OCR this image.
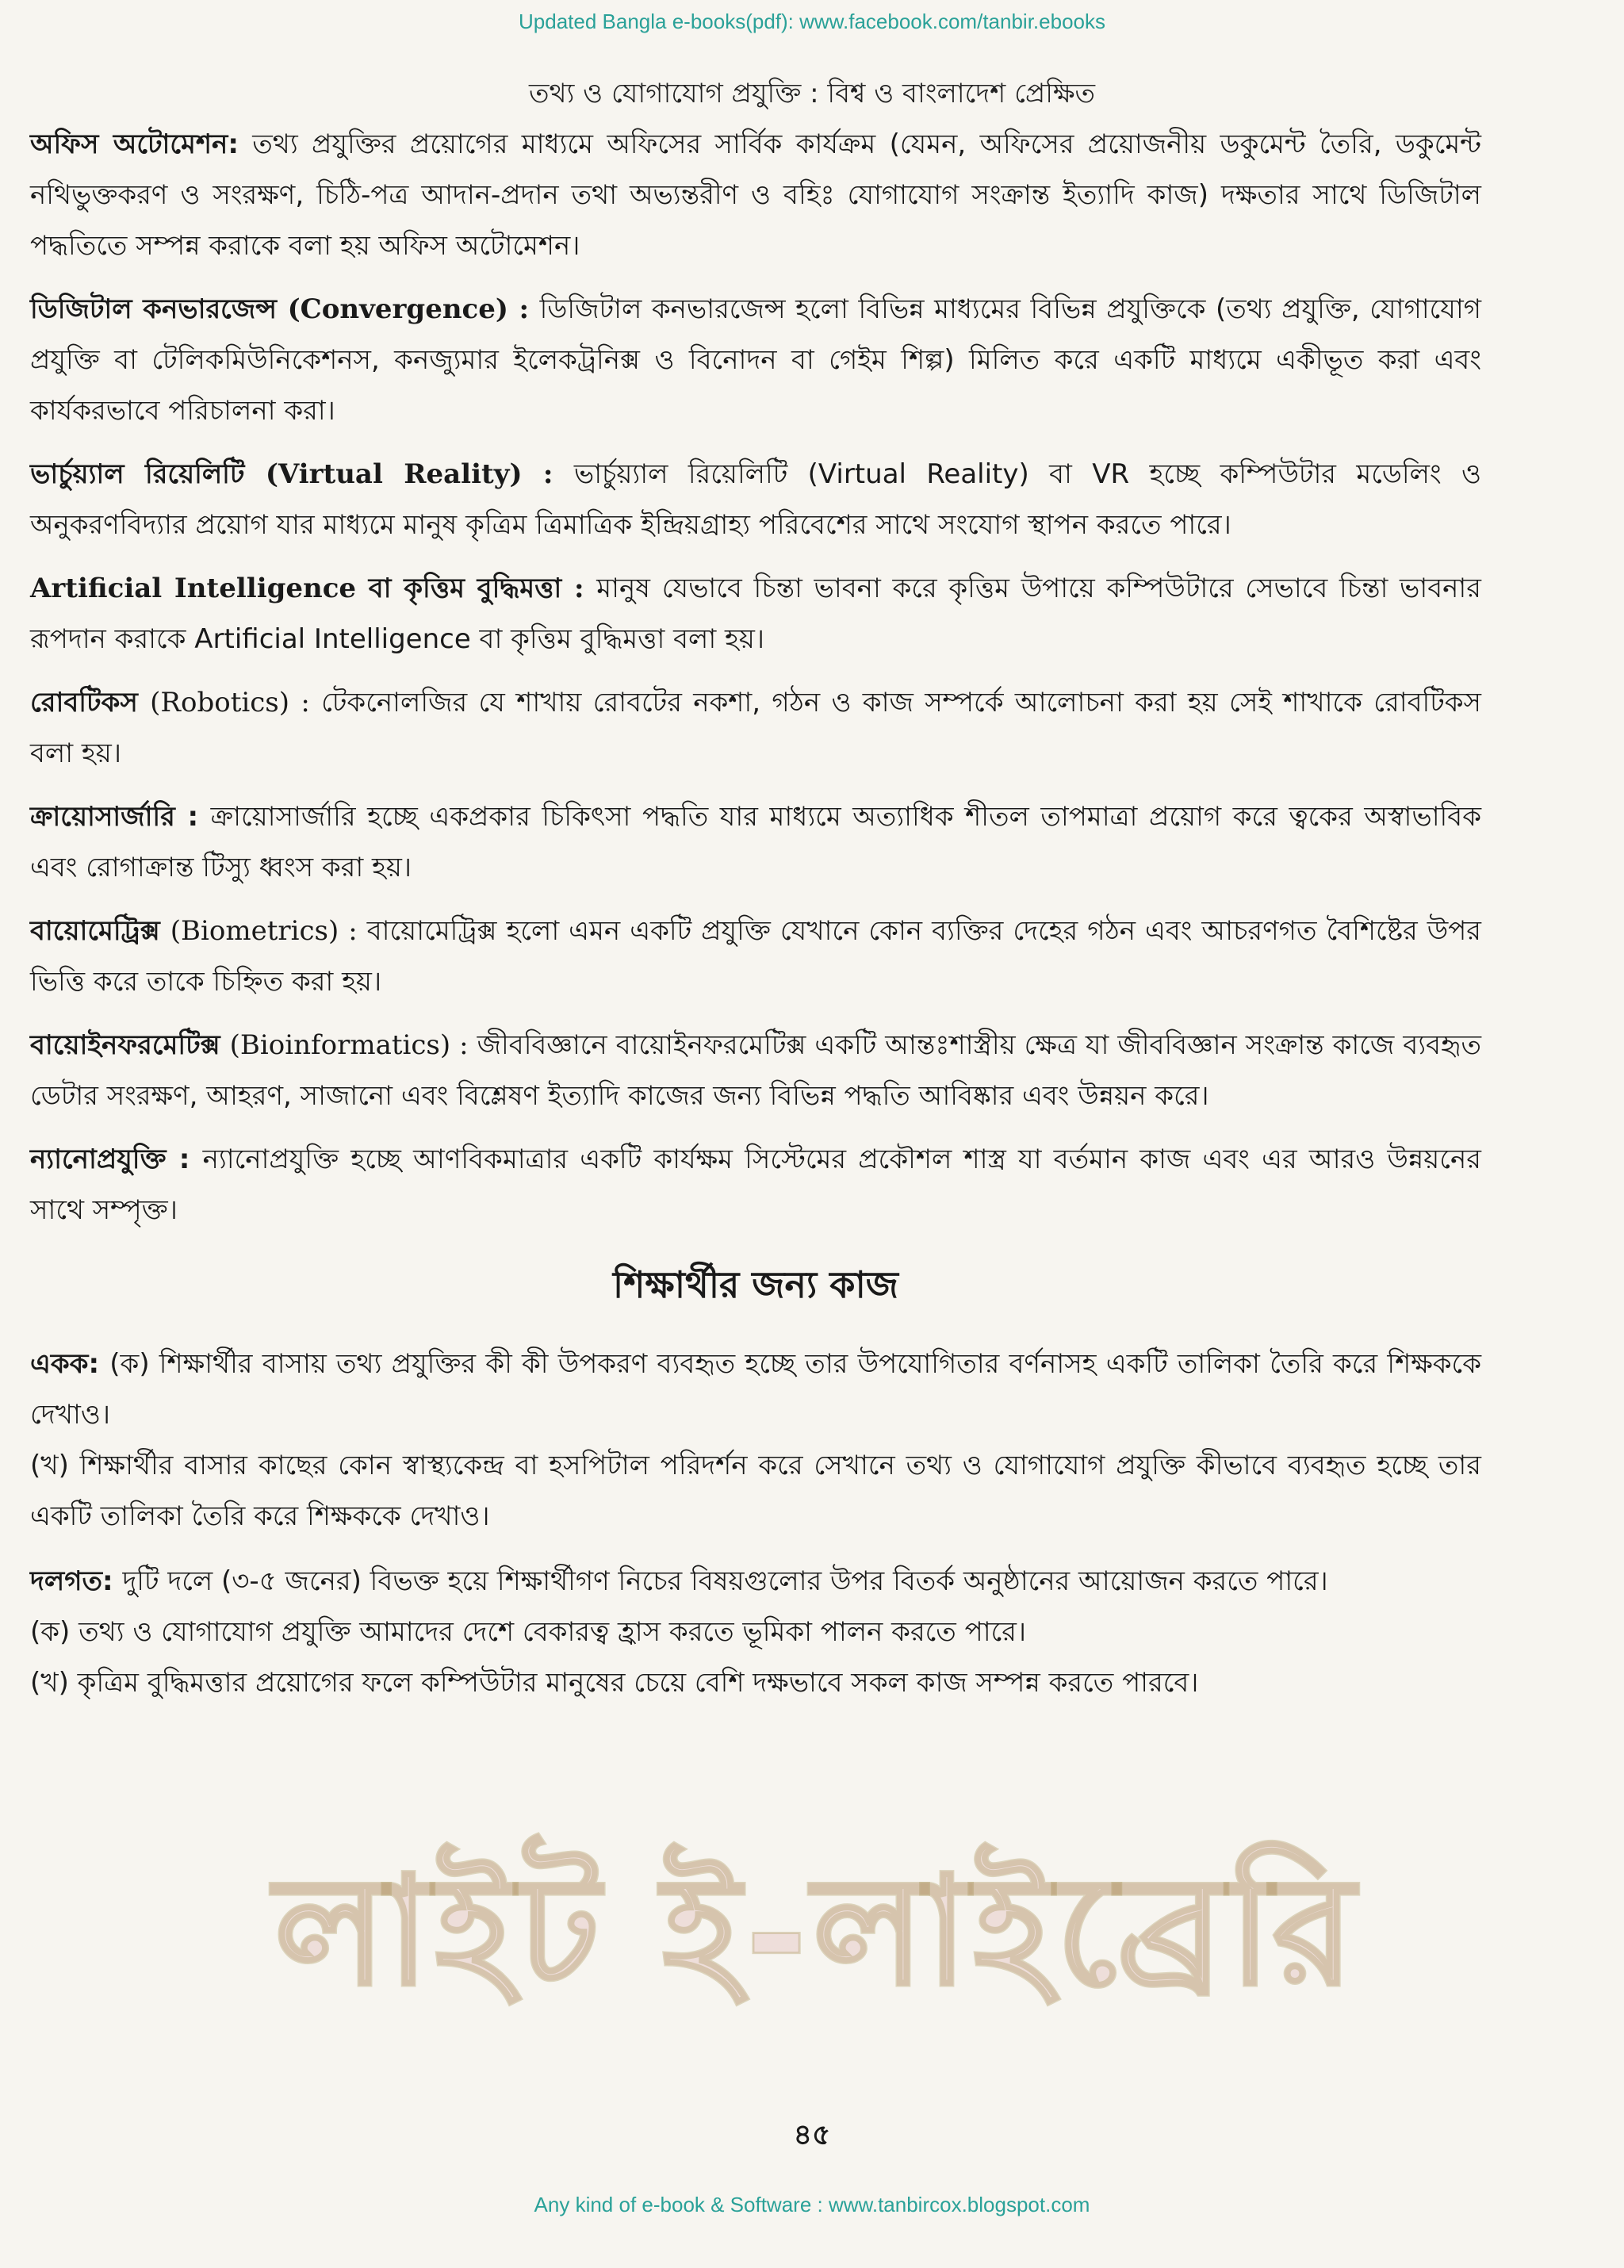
Updated Bangla e-books(pdf): www.facebook.com/tanbir.ebooks
তথ্য ও যোগাযোগ প্রযুক্তি : বিশ্ব ও বাংলাদেশ প্রেক্ষিত

অফিস অটোমেশন: তথ্য প্রযুক্তির প্রয়োগের মাধ্যমে অফিসের সার্বিক কার্যক্রম (যেমন, অফিসের প্রয়োজনীয় ডকুমেন্ট তৈরি, ডকুমেন্ট নথিভুক্তকরণ ও সংরক্ষণ, চিঠি-পত্র আদান-প্রদান তথা অভ্যন্তরীণ ও বহিঃ যোগাযোগ সংক্রান্ত ইত্যাদি কাজ) দক্ষতার সাথে ডিজিটাল পদ্ধতিতে সম্পন্ন করাকে বলা হয় অফিস অটোমেশন।

ডিজিটাল কনভারজেন্স (Convergence) : ডিজিটাল কনভারজেন্স হলো বিভিন্ন মাধ্যমের বিভিন্ন প্রযুক্তিকে (তথ্য প্রযুক্তি, যোগাযোগ প্রযুক্তি বা টেলিকমিউনিকেশনস, কনজ্যুমার ইলেকট্রনিক্স ও বিনোদন বা গেইম শিল্প) মিলিত করে একটি মাধ্যমে একীভূত করা এবং কার্যকরভাবে পরিচালনা করা।

ভার্চুয়্যাল রিয়েলিটি (Virtual Reality) : ভার্চুয়্যাল রিয়েলিটি (Virtual Reality) বা VR হচ্ছে কম্পিউটার মডেলিং ও অনুকরণবিদ্যার প্রয়োগ যার মাধ্যমে মানুষ কৃত্রিম ত্রিমাত্রিক ইন্দ্রিয়গ্রাহ্য পরিবেশের সাথে সংযোগ স্থাপন করতে পারে।

Artificial Intelligence বা কৃত্তিম বুদ্ধিমত্তা : মানুষ যেভাবে চিন্তা ভাবনা করে কৃত্তিম উপায়ে কম্পিউটারে সেভাবে চিন্তা ভাবনার রূপদান করাকে Artificial Intelligence বা কৃত্তিম বুদ্ধিমত্তা বলা হয়।

রোবটিকস (Robotics) : টেকনোলজির যে শাখায় রোবটের নকশা, গঠন ও কাজ সম্পর্কে আলোচনা করা হয় সেই শাখাকে রোবটিকস বলা হয়।

ক্রায়োসার্জারি : ক্রায়োসার্জারি হচ্ছে একপ্রকার চিকিৎসা পদ্ধতি যার মাধ্যমে অত্যাধিক শীতল তাপমাত্রা প্রয়োগ করে ত্বকের অস্বাভাবিক এবং রোগাক্রান্ত টিস্যু ধ্বংস করা হয়।

বায়োমেট্রিক্স (Biometrics) : বায়োমেট্রিক্স হলো এমন একটি প্রযুক্তি যেখানে কোন ব্যক্তির দেহের গঠন এবং আচরণগত বৈশিষ্টের উপর ভিত্তি করে তাকে চিহ্নিত করা হয়।

বায়োইনফরমেটিক্স (Bioinformatics) : জীববিজ্ঞানে বায়োইনফরমেটিক্স একটি আন্তঃশাস্ত্রীয় ক্ষেত্র যা জীববিজ্ঞান সংক্রান্ত কাজে ব্যবহৃত ডেটার সংরক্ষণ, আহরণ, সাজানো এবং বিশ্লেষণ ইত্যাদি কাজের জন্য বিভিন্ন পদ্ধতি আবিষ্কার এবং উন্নয়ন করে।

ন্যানোপ্রযুক্তি : ন্যানোপ্রযুক্তি হচ্ছে আণবিকমাত্রার একটি কার্যক্ষম সিস্টেমের প্রকৌশল শাস্ত্র যা বর্তমান কাজ এবং এর আরও উন্নয়নের সাথে সম্পৃক্ত।

শিক্ষার্থীর জন্য কাজ
একক: (ক) শিক্ষার্থীর বাসায় তথ্য প্রযুক্তির কী কী উপকরণ ব্যবহৃত হচ্ছে তার উপযোগিতার বর্ণনাসহ একটি তালিকা তৈরি করে শিক্ষককে দেখাও।
(খ) শিক্ষার্থীর বাসার কাছের কোন স্বাস্থ্যকেন্দ্র বা হসপিটাল পরিদর্শন করে সেখানে তথ্য ও যোগাযোগ প্রযুক্তি কীভাবে ব্যবহৃত হচ্ছে তার একটি তালিকা তৈরি করে শিক্ষককে দেখাও।
দলগত: দুটি দলে (৩-৫ জনের) বিভক্ত হয়ে শিক্ষার্থীগণ নিচের বিষয়গুলোর উপর বিতর্ক অনুষ্ঠানের আয়োজন করতে পারে।
(ক) তথ্য ও যোগাযোগ প্রযুক্তি আমাদের দেশে বেকারত্ব হ্রাস করতে ভূমিকা পালন করতে পারে।
(খ) কৃত্রিম বুদ্ধিমত্তার প্রয়োগের ফলে কম্পিউটার মানুষের চেয়ে বেশি দক্ষভাবে সকল কাজ সম্পন্ন করতে পারবে।
লাইট ই-লাইব্রেরি
৪৫
Any kind of e-book & Software : www.tanbircox.blogspot.com
